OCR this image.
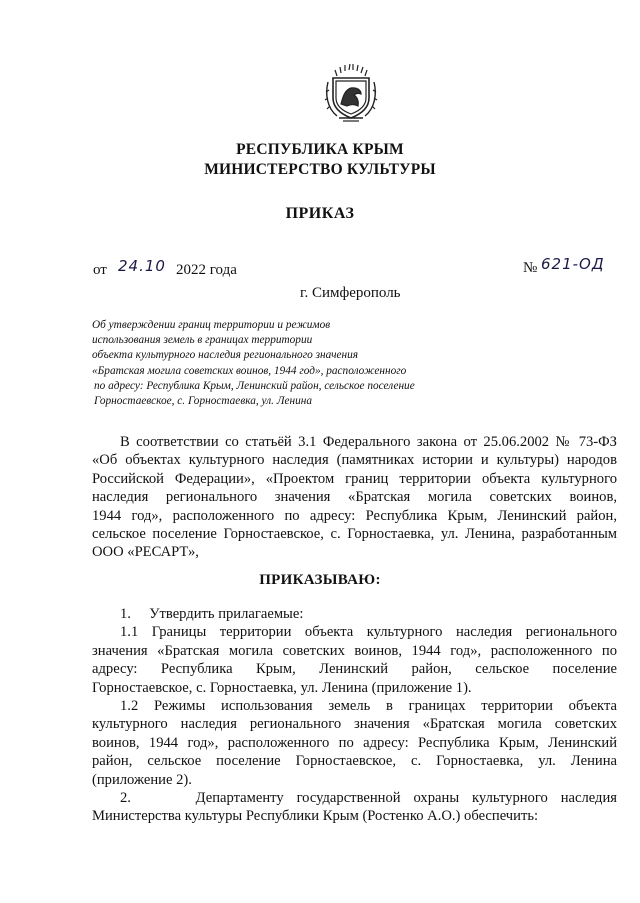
РЕСПУБЛИКА КРЫМ
МИНИСТЕРСТВО КУЛЬТУРЫ
ПРИКАЗ
от 24.10 2022 года	№ 621-ОД
г. Симферополь
Об утверждении границ территории и режимов
использования земель в границах территории
объекта культурного наследия регионального значения
«Братская могила советских воинов, 1944 год», расположенного
по адресу: Республика Крым, Ленинский район, сельское поселение
Горностаевское, с. Горностаевка, ул. Ленина
В соответствии со статьёй 3.1 Федерального закона от 25.06.2002 № 73-ФЗ
«Об объектах культурного наследия (памятниках истории и культуры) народов
Российской Федерации», «Проектом границ территории объекта культурного
наследия регионального значения «Братская могила советских воинов,
1944 год», расположенного по адресу: Республика Крым, Ленинский район,
сельское поселение Горностаевское, с. Горностаевка, ул. Ленина, разработанным
ООО «РЕСАРТ»,
ПРИКАЗЫВАЮ:
1.     Утвердить прилагаемые:
1.1 Границы территории объекта культурного наследия регионального
значения «Братская могила советских воинов, 1944 год», расположенного по
адресу: Республика Крым, Ленинский район, сельское поселение
Горностаевское, с. Горностаевка, ул. Ленина (приложение 1).
1.2 Режимы использования земель в границах территории объекта
культурного наследия регионального значения «Братская могила советских
воинов, 1944 год», расположенного по адресу: Республика Крым, Ленинский
район, сельское поселение Горностаевское, с. Горностаевка, ул. Ленина
(приложение 2).
2.     Департаменту государственной охраны культурного наследия
Министерства культуры Республики Крым (Ростенко А.О.) обеспечить:
